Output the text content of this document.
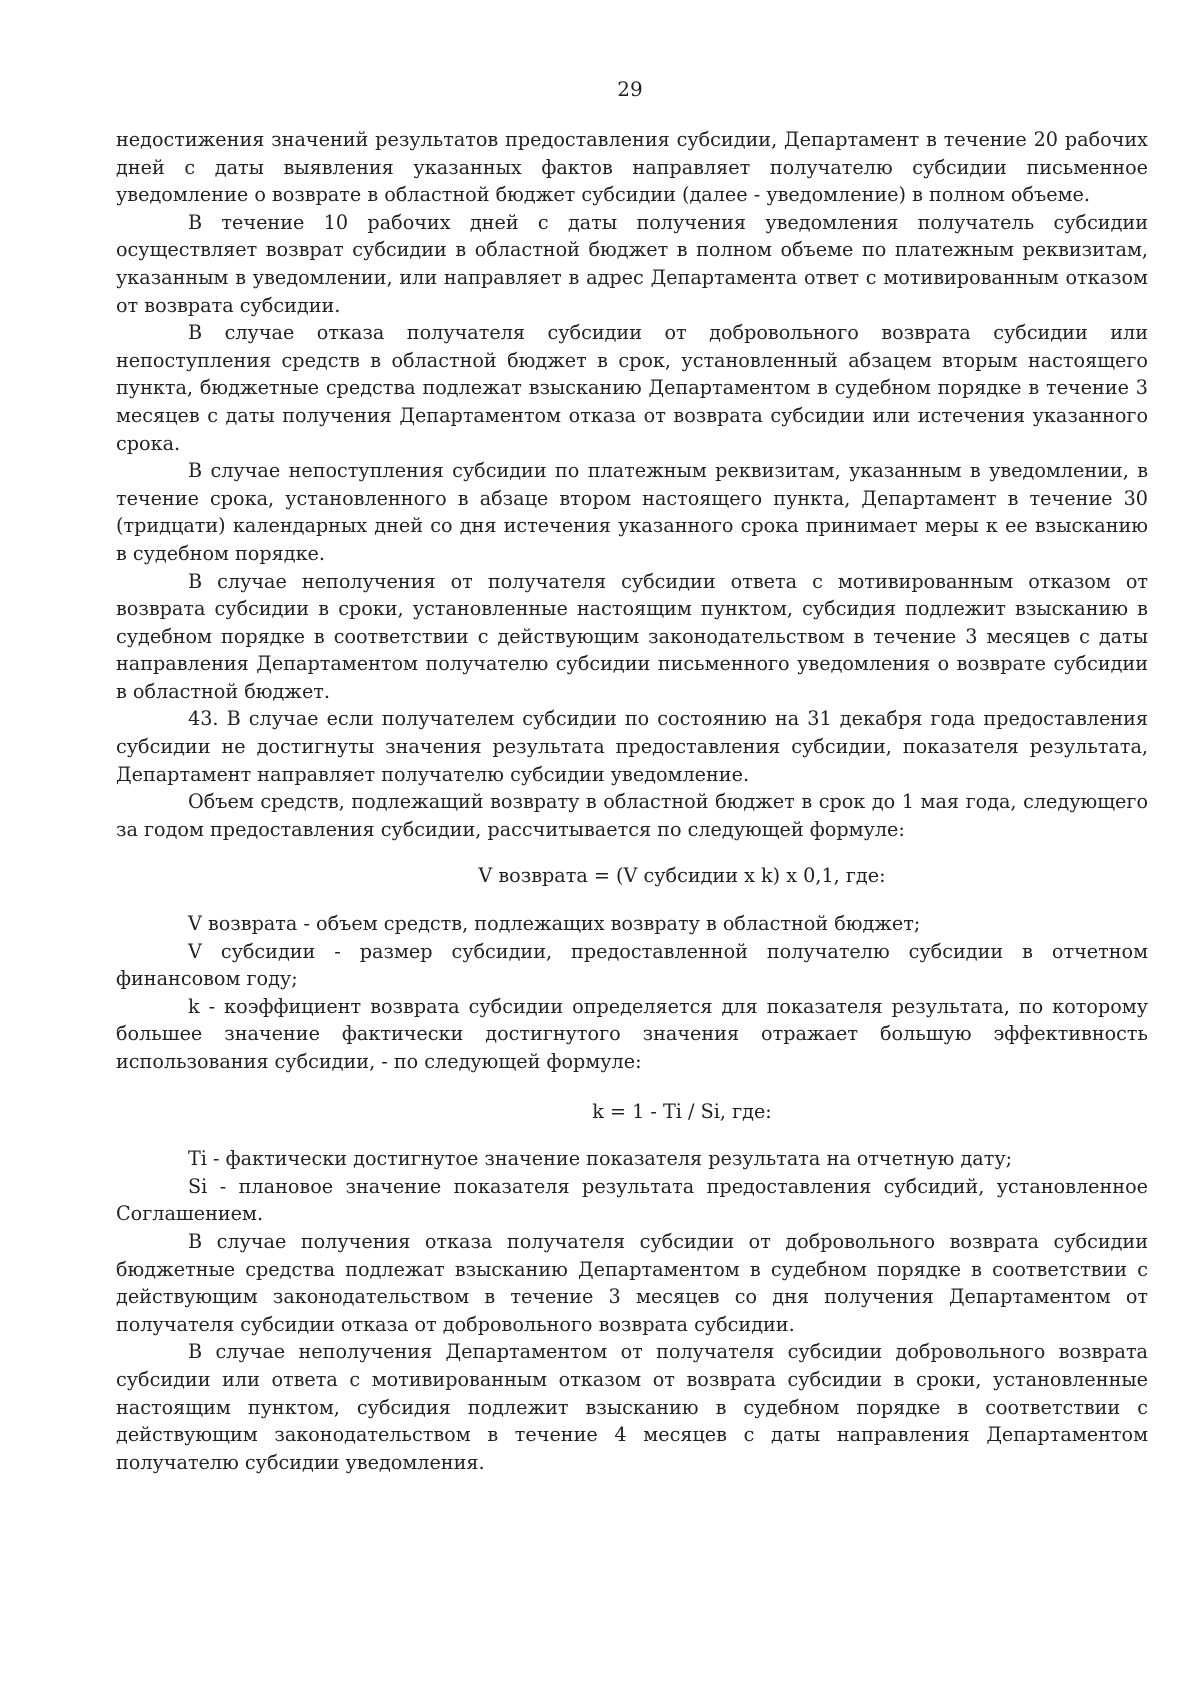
29

недостижения значений результатов предоставления субсидии, Департамент в течение 20 рабочих дней с даты выявления указанных фактов направляет получателю субсидии письменное уведомление о возврате в областной бюджет субсидии (далее - уведомление) в полном объеме.

В течение 10 рабочих дней с даты получения уведомления получатель субсидии осуществляет возврат субсидии в областной бюджет в полном объеме по платежным реквизитам, указанным в уведомлении, или направляет в адрес Департамента ответ с мотивированным отказом от возврата субсидии.

В случае отказа получателя субсидии от добровольного возврата субсидии или непоступления средств в областной бюджет в срок, установленный абзацем вторым настоящего пункта, бюджетные средства подлежат взысканию Департаментом в судебном порядке в течение 3 месяцев с даты получения Департаментом отказа от возврата субсидии или истечения указанного срока.

В случае непоступления субсидии по платежным реквизитам, указанным в уведомлении, в течение срока, установленного в абзаце втором настоящего пункта, Департамент в течение 30 (тридцати) календарных дней со дня истечения указанного срока принимает меры к ее взысканию в судебном порядке.

В случае неполучения от получателя субсидии ответа с мотивированным отказом от возврата субсидии в сроки, установленные настоящим пунктом, субсидия подлежит взысканию в судебном порядке в соответствии с действующим законодательством в течение 3 месяцев с даты направления Департаментом получателю субсидии письменного уведомления о возврате субсидии в областной бюджет.

43. В случае если получателем субсидии по состоянию на 31 декабря года предоставления субсидии не достигнуты значения результата предоставления субсидии, показателя результата, Департамент направляет получателю субсидии уведомление.

Объем средств, подлежащий возврату в областной бюджет в срок до 1 мая года, следующего за годом предоставления субсидии, рассчитывается по следующей формуле:

V возврата = (V субсидии x k) x 0,1, где:

V возврата - объем средств, подлежащих возврату в областной бюджет;

V субсидии - размер субсидии, предоставленной получателю субсидии в отчетном финансовом году;

k - коэффициент возврата субсидии определяется для показателя результата, по которому большее значение фактически достигнутого значения отражает большую эффективность использования субсидии, - по следующей формуле:

k = 1 - Ti / Si, где:

Ti - фактически достигнутое значение показателя результата на отчетную дату;

Si - плановое значение показателя результата предоставления субсидий, установленное Соглашением.

В случае получения отказа получателя субсидии от добровольного возврата субсидии бюджетные средства подлежат взысканию Департаментом в судебном порядке в соответствии с действующим законодательством в течение 3 месяцев со дня получения Департаментом от получателя субсидии отказа от добровольного возврата субсидии.

В случае неполучения Департаментом от получателя субсидии добровольного возврата субсидии или ответа с мотивированным отказом от возврата субсидии в сроки, установленные настоящим пунктом, субсидия подлежит взысканию в судебном порядке в соответствии с действующим законодательством в течение 4 месяцев с даты направления Департаментом получателю субсидии уведомления.
